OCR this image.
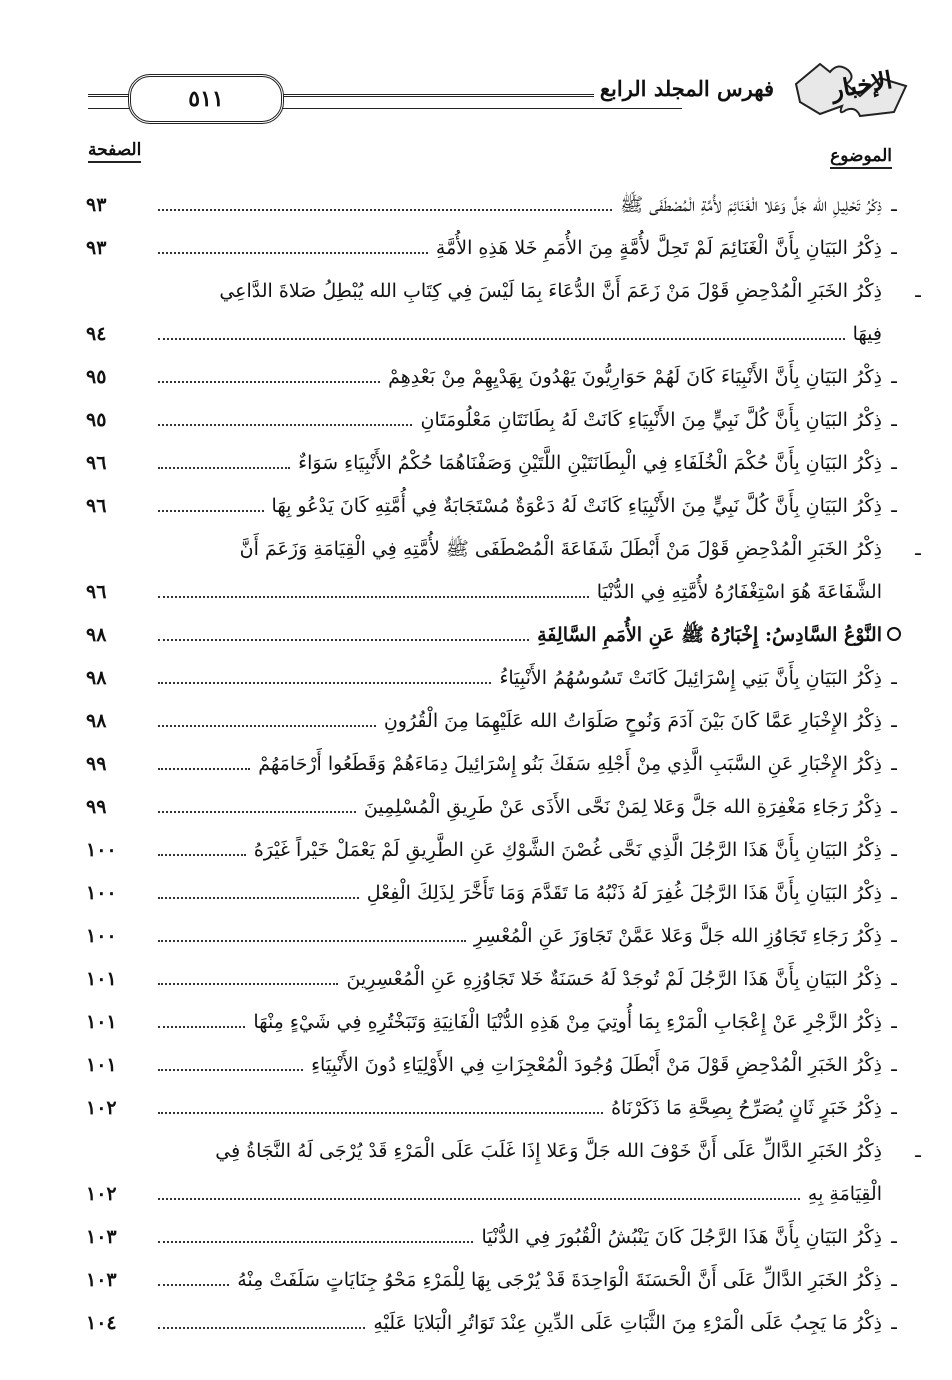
٥١١	فهرس المجلد الرابع الإخبار
الموضوع
الصفحة
ـ
ذِكْرُ تَحْلِيلِ الله جَلَّ وَعَلا الْغَنَائِمَ لأُمَّةِ الْمُصْطَفَى ﷺ
٩٣
ـ
ذِكْرُ البَيَانِ بِأَنَّ الْغَنَائِمَ لَمْ تَحِلَّ لأُمَّةٍ مِنَ الأُمَمِ خَلا هَذِهِ الأُمَّةِ
٩٣
ـ
ذِكْرُ الخَبَرِ الْمُدْحِضِ قَوْلَ مَنْ زَعَمَ أَنَّ الدُّعَاءَ بِمَا لَيْسَ فِي كِتَابِ الله يُبْطِلُ صَلاةَ الدَّاعِي
فِيهَا
٩٤
ـ
ذِكْرُ البَيَانِ بِأَنَّ الأَنْبِيَاءَ كَانَ لَهُمْ حَوَارِيُّونَ يَهْدُونَ بِهَدْيِهِمْ مِنْ بَعْدِهِمْ
٩٥
ـ
ذِكْرُ البَيَانِ بِأَنَّ كُلَّ نَبِيٍّ مِنَ الأَنْبِيَاءِ كَانَتْ لَهُ بِطَانَتَانِ مَعْلُومَتَانِ
٩٥
ـ
ذِكْرُ البَيَانِ بِأَنَّ حُكْمَ الْخُلَفَاءِ فِي الْبِطَانَتَيْنِ اللَّتَيْنِ وَصَفْنَاهُمَا حُكْمُ الأَنْبِيَاءِ سَوَاءٌ
٩٦
ـ
ذِكْرُ البَيَانِ بِأَنَّ كُلَّ نَبِيٍّ مِنَ الأَنْبِيَاءِ كَانَتْ لَهُ دَعْوَةٌ مُسْتَجَابَةٌ فِي أُمَّتِهِ كَانَ يَدْعُو بِهَا
٩٦
ـ
ذِكْرُ الخَبَرِ الْمُدْحِضِ قَوْلَ مَنْ أَبْطَلَ شَفَاعَةَ الْمُصْطَفَى ﷺ لأُمَّتِهِ فِي الْقِيَامَةِ وَزَعَمَ أَنَّ
الشَّفَاعَةَ هُوَ اسْتِغْفَارُهُ لأُمَّتِهِ فِي الدُّنْيَا
٩٦
النَّوْعُ السَّادِسُ: إِخْبَارُهُ ﷺ عَنِ الأُمَمِ السَّالِفَةِ
٩٨
ـ
ذِكْرُ البَيَانِ بِأَنَّ بَنِي إِسْرَائِيلَ كَانَتْ تَسُوسُهُمُ الأَنْبِيَاءُ
٩٨
ـ
ذِكْرُ الإِخْبَارِ عَمَّا كَانَ بَيْنَ آدَمَ وَنُوحٍ صَلَوَاتُ الله عَلَيْهِمَا مِنَ الْقُرُونِ
٩٨
ـ
ذِكْرُ الإِخْبَارِ عَنِ السَّبَبِ الَّذِي مِنْ أَجْلِهِ سَفَكَ بَنُو إِسْرَائِيلَ دِمَاءَهُمْ وَقَطَعُوا أَرْحَامَهُمْ
٩٩
ـ
ذِكْرُ رَجَاءِ مَغْفِرَةِ الله جَلَّ وَعَلا لِمَنْ نَحَّى الأَذَى عَنْ طَرِيقِ الْمُسْلِمِينَ
٩٩
ـ
ذِكْرُ البَيَانِ بِأَنَّ هَذَا الرَّجُلَ الَّذِي نَحَّى غُصْنَ الشَّوْكِ عَنِ الطَّرِيقِ لَمْ يَعْمَلْ خَيْراً غَيْرَهُ
١٠٠
ـ
ذِكْرُ البَيَانِ بِأَنَّ هَذَا الرَّجُلَ غُفِرَ لَهُ ذَنْبُهُ مَا تَقَدَّمَ وَمَا تَأَخَّرَ لِذَلِكَ الْفِعْلِ
١٠٠
ـ
ذِكْرُ رَجَاءِ تَجَاوُزِ الله جَلَّ وَعَلا عَمَّنْ تَجَاوَزَ عَنِ الْمُعْسِرِ
١٠٠
ـ
ذِكْرُ البَيَانِ بِأَنَّ هَذَا الرَّجُلَ لَمْ تُوجَدْ لَهُ حَسَنَةٌ خَلا تَجَاوُزِهِ عَنِ الْمُعْسِرِينَ
١٠١
ـ
ذِكْرُ الزَّجْرِ عَنْ إِعْجَابِ الْمَرْءِ بِمَا أُوتِيَ مِنْ هَذِهِ الدُّنْيَا الْفَانِيَةِ وَتَبَخْتُرِهِ فِي شَيْءٍ مِنْهَا
١٠١
ـ
ذِكْرُ الخَبَرِ الْمُدْحِضِ قَوْلَ مَنْ أَبْطَلَ وُجُودَ الْمُعْجِزَاتِ فِي الأَوْلِيَاءِ دُونَ الأَنْبِيَاءِ
١٠١
ـ
ذِكْرُ خَبَرٍ ثَانٍ يُصَرِّحُ بِصِحَّةِ مَا ذَكَرْنَاهُ
١٠٢
ـ
ذِكْرُ الخَبَرِ الدَّالِّ عَلَى أَنَّ خَوْفَ الله جَلَّ وَعَلا إِذَا غَلَبَ عَلَى الْمَرْءِ قَدْ يُرْجَى لَهُ النَّجَاةُ فِي
الْقِيَامَةِ بِهِ
١٠٢
ـ
ذِكْرُ البَيَانِ بِأَنَّ هَذَا الرَّجُلَ كَانَ يَنْبُشُ الْقُبُورَ فِي الدُّنْيَا
١٠٣
ـ
ذِكْرُ الخَبَرِ الدَّالِّ عَلَى أَنَّ الْحَسَنَةَ الْوَاحِدَةَ قَدْ يُرْجَى بِهَا لِلْمَرْءِ مَحْوُ جِنَايَاتٍ سَلَفَتْ مِنْهُ
١٠٣
ـ
ذِكْرُ مَا يَجِبُ عَلَى الْمَرْءِ مِنَ الثَّبَاتِ عَلَى الدِّينِ عِنْدَ تَوَاتُرِ الْبَلايَا عَلَيْهِ
١٠٤
